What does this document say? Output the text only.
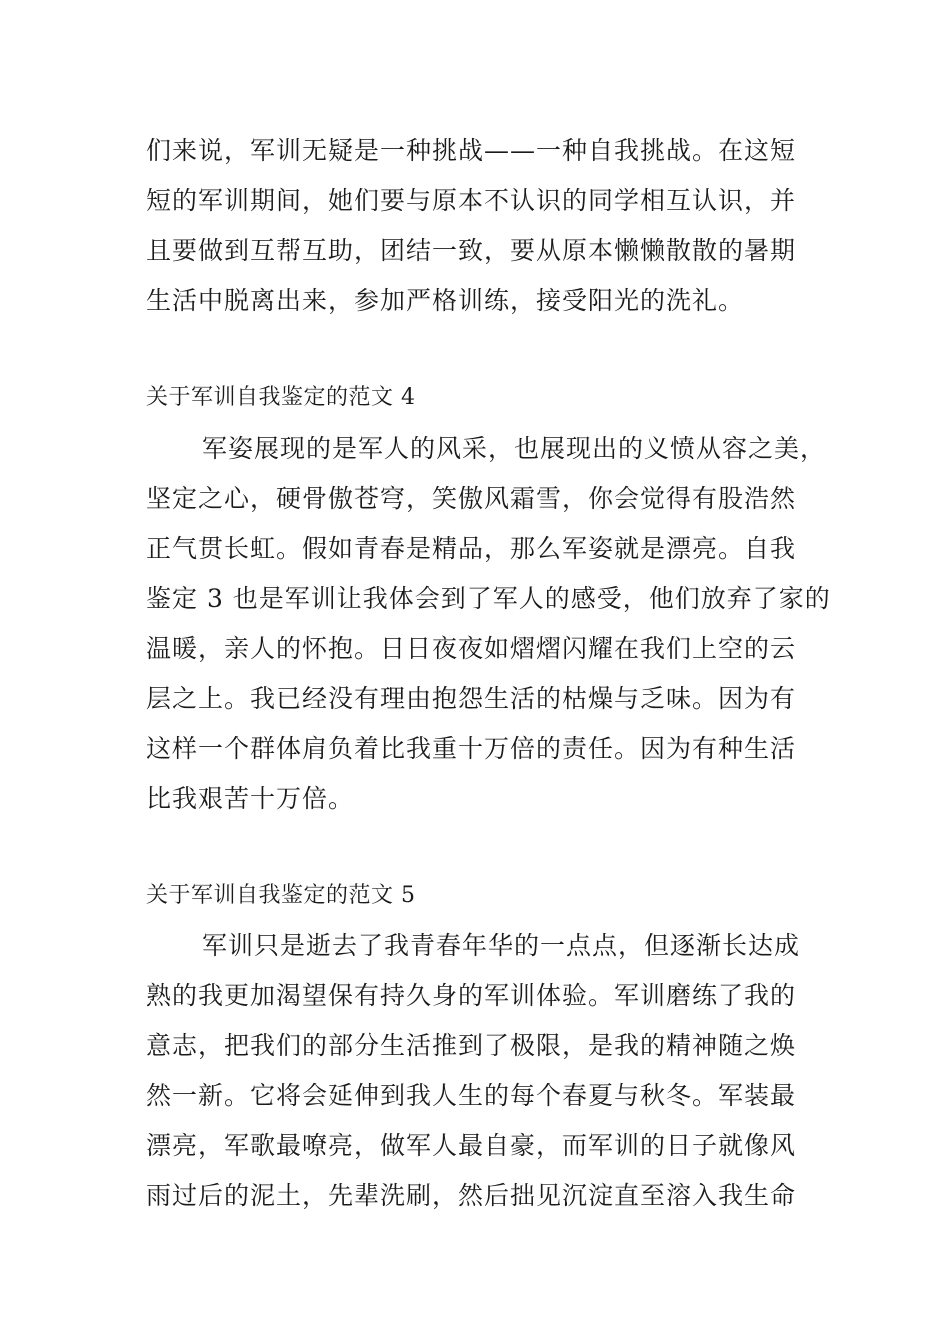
们来说，军训无疑是一种挑战——一种自我挑战。在这短
短的军训期间，她们要与原本不认识的同学相互认识，并
且要做到互帮互助，团结一致，要从原本懒懒散散的暑期
生活中脱离出来，参加严格训练，接受阳光的洗礼。
关于军训自我鉴定的范文 4
军姿展现的是军人的风采，也展现出的义愤从容之美，
坚定之心，硬骨傲苍穹，笑傲风霜雪，你会觉得有股浩然
正气贯长虹。假如青春是精品，那么军姿就是漂亮。自我
鉴定 3 也是军训让我体会到了军人的感受，他们放弃了家的
温暖，亲人的怀抱。日日夜夜如熠熠闪耀在我们上空的云
层之上。我已经没有理由抱怨生活的枯燥与乏味。因为有
这样一个群体肩负着比我重十万倍的责任。因为有种生活
比我艰苦十万倍。
关于军训自我鉴定的范文 5
军训只是逝去了我青春年华的一点点，但逐渐长达成
熟的我更加渴望保有持久身的军训体验。军训磨练了我的
意志，把我们的部分生活推到了极限，是我的精神随之焕
然一新。它将会延伸到我人生的每个春夏与秋冬。军装最
漂亮，军歌最嘹亮，做军人最自豪，而军训的日子就像风
雨过后的泥土，先辈洗刷，然后拙见沉淀直至溶入我生命
